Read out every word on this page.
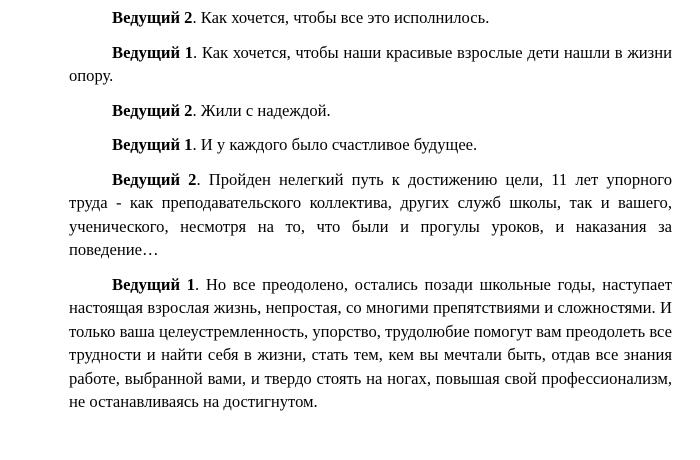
Ведущий 2. Как хочется, чтобы все это исполнилось.

Ведущий 1. Как хочется, чтобы наши красивые взрослые дети нашли в жизни опору.

Ведущий 2. Жили с надеждой.

Ведущий 1. И у каждого было счастливое будущее.

Ведущий 2. Пройден нелегкий путь к достижению цели, 11 лет упорного труда - как преподавательского коллектива, других служб школы, так и вашего, ученического, несмотря на то, что были и прогулы уроков, и наказания за поведение…

Ведущий 1. Но все преодолено, остались позади школьные годы, наступает настоящая взрослая жизнь, непростая, со многими препятствиями и сложностями. И только ваша целеустремленность, упорство, трудолюбие помогут вам преодолеть все трудности и найти себя в жизни, стать тем, кем вы мечтали быть, отдав все знания работе, выбранной вами, и твердо стоять на ногах, повышая свой профессионализм, не останавливаясь на достигнутом.
